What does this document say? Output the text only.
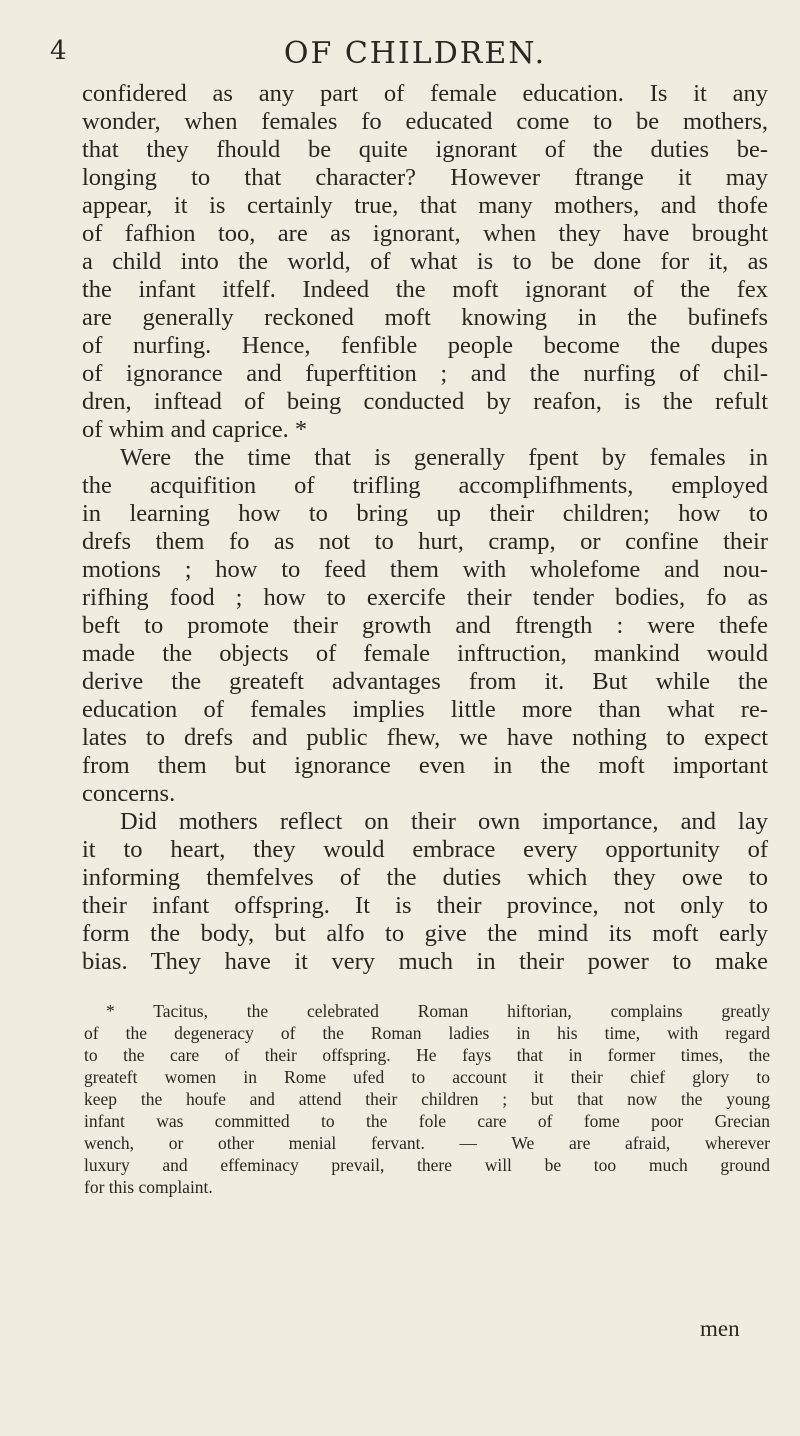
4	OF CHILDREN.
confidered as any part of female education. Is it any
wonder, when females fo educated come to be mothers,
that they fhould be quite ignorant of the duties be-
longing to that character? However ftrange it may
appear, it is certainly true, that many mothers, and thofe
of fafhion too, are as ignorant, when they have brought
a child into the world, of what is to be done for it, as
the infant itfelf. Indeed the moft ignorant of the fex
are generally reckoned moft knowing in the bufinefs
of nurfing. Hence, fenfible people become the dupes
of ignorance and fuperftition ; and the nurfing of chil-
dren, inftead of being conducted by reafon, is the refult
of whim and caprice. *
Were the time that is generally fpent by females in
the acquifition of trifling accomplifhments, employed
in learning how to bring up their children; how to
drefs them fo as not to hurt, cramp, or confine their
motions ; how to feed them with wholefome and nou-
rifhing food ; how to exercife their tender bodies, fo as
beft to promote their growth and ftrength : were thefe
made the objects of female inftruction, mankind would
derive the greateft advantages from it. But while the
education of females implies little more than what re-
lates to drefs and public fhew, we have nothing to expect
from them but ignorance even in the moft important
concerns.
Did mothers reflect on their own importance, and lay
it to heart, they would embrace every opportunity of
informing themfelves of the duties which they owe to
their infant offspring. It is their province, not only to
form the body, but alfo to give the mind its moft early
bias. They have it very much in their power to make
* Tacitus, the celebrated Roman hiftorian, complains greatly
of the degeneracy of the Roman ladies in his time, with regard
to the care of their offspring. He fays that in former times, the
greateft women in Rome ufed to account it their chief glory to
keep the houfe and attend their children ; but that now the young
infant was committed to the fole care of fome poor Grecian
wench, or other menial fervant. — We are afraid, wherever
luxury and effeminacy prevail, there will be too much ground
for this complaint.
men
